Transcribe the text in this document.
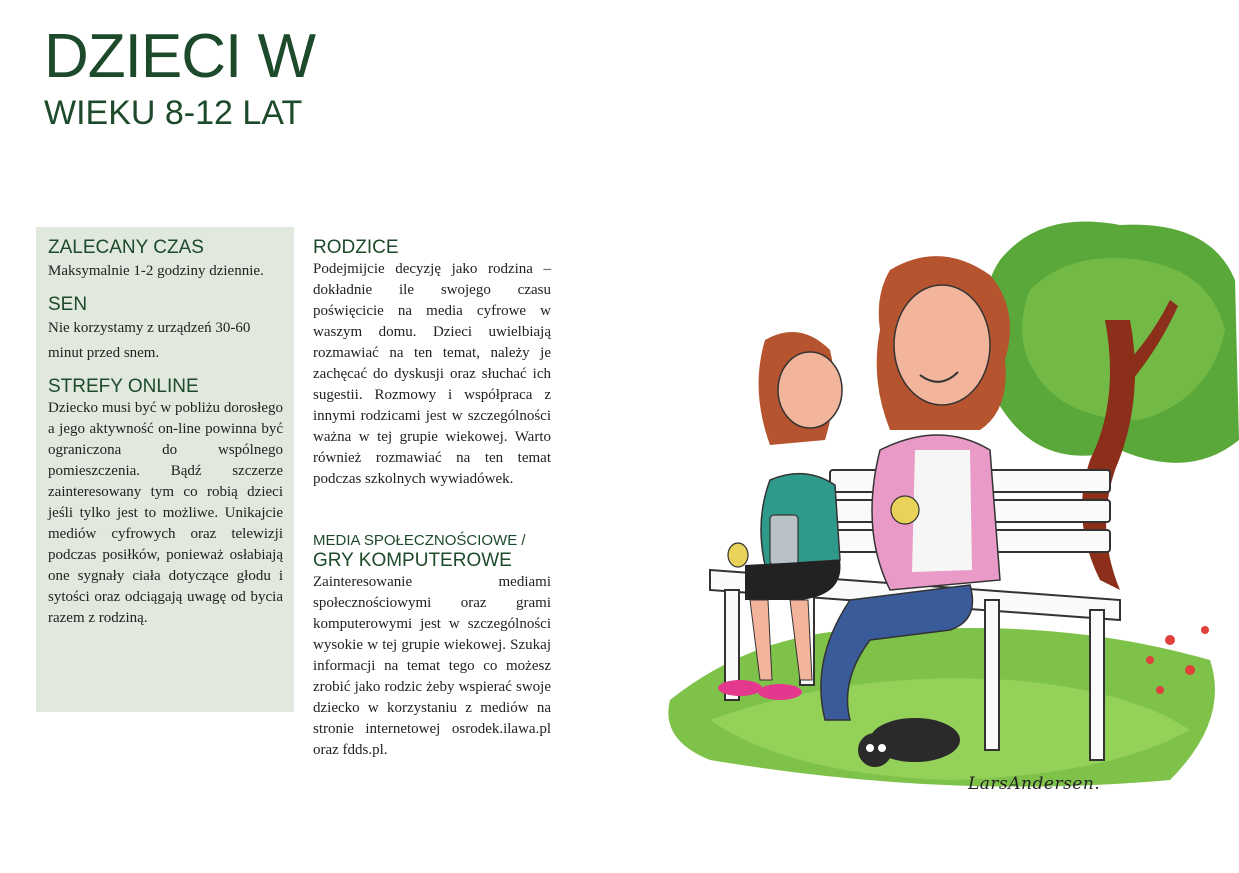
DZIECI W
WIEKU 8-12 LAT

ZALECANY CZAS

Maksymalnie 1-2 godziny dziennie.

SEN

Nie korzystamy z urządzeń 30-60 minut przed snem.

STREFY ONLINE

Dziecko musi być w pobliżu dorosłego a jego aktywność on-line powinna być ograniczona do wspólnego pomieszczenia. Bądź szczerze zainteresowany tym co robią dzieci jeśli tylko jest to możliwe. Unikajcie mediów cyfrowych oraz telewizji podczas posiłków, ponieważ osłabiają one sygnały ciała dotyczące głodu i sytości oraz odciągają uwagę od bycia razem z rodziną.

RODZICE

Podejmijcie decyzję jako rodzina – dokładnie ile swojego czasu poświęcicie na media cyfrowe w waszym domu. Dzieci uwielbiają rozmawiać na ten temat, należy je zachęcać do dyskusji oraz słuchać ich sugestii. Rozmowy i współpraca z innymi rodzicami jest w szczególności ważna w tej grupie wiekowej. Warto również rozmawiać na ten temat podczas szkolnych wywiadówek.

MEDIA SPOŁECZNOŚCIOWE /

GRY KOMPUTEROWE

Zainteresowanie mediami społecznościowymi oraz grami komputerowymi jest w szczególności wysokie w tej grupie wiekowej. Szukaj informacji na temat tego co możesz zrobić jako rodzic żeby wspierać swoje dziecko w korzystaniu z mediów na stronie internetowej osrodek.ilawa.pl oraz fdds.pl.

LarsAndersen.
